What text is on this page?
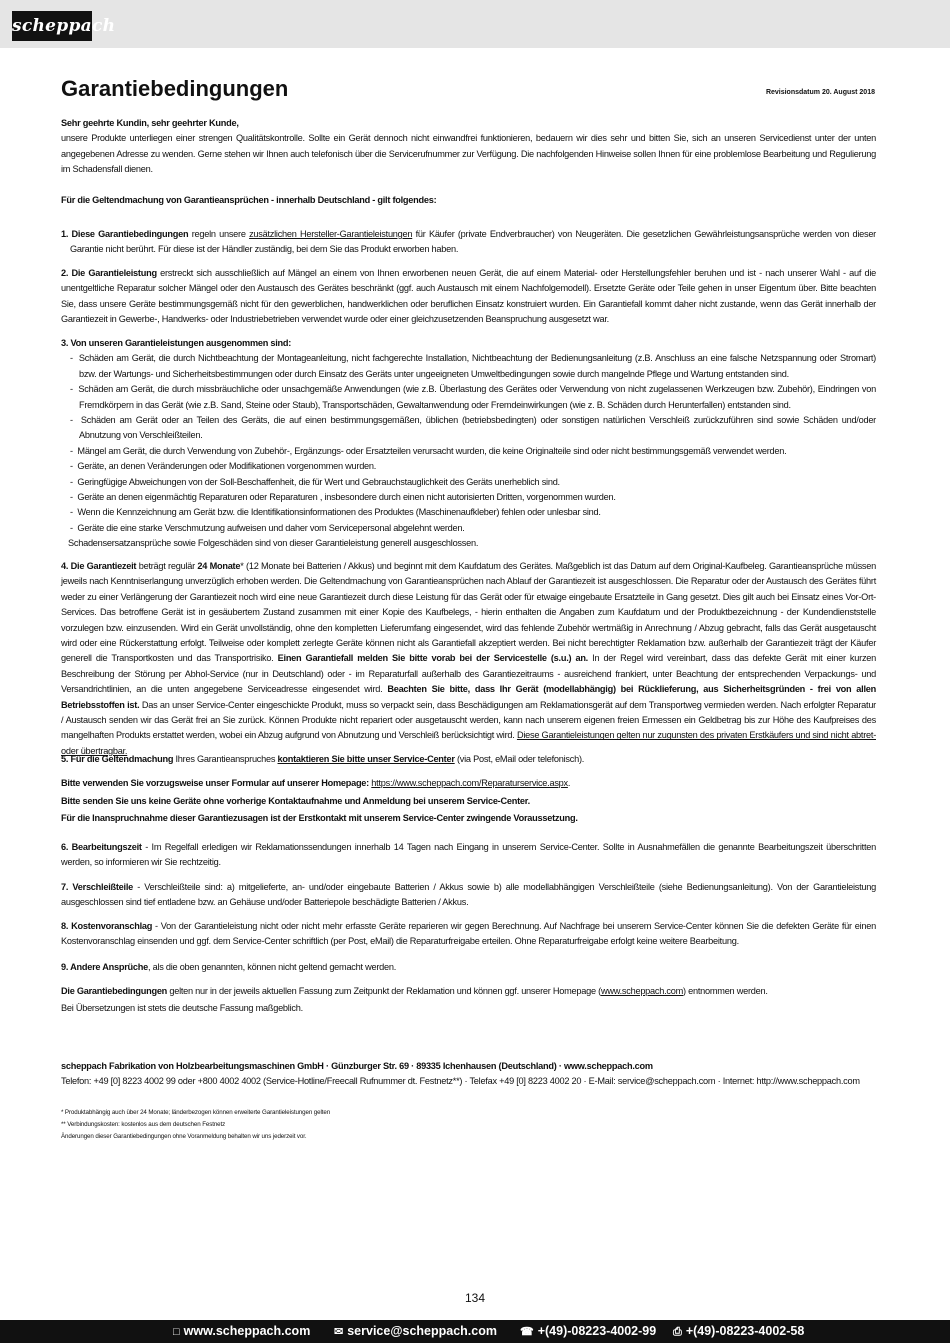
scheppach
Garantiebedingungen	Revisionsdatum 20. August 2018

Sehr geehrte Kundin, sehr geehrter Kunde,

unsere Produkte unterliegen einer strengen Qualitätskontrolle. Sollte ein Gerät dennoch nicht einwandfrei funktionieren, bedauern wir dies sehr und bitten Sie, sich an unseren Servicedienst unter der unten angegebenen Adresse zu wenden. Gerne stehen wir Ihnen auch telefonisch über die Servicerufnummer zur Verfügung. Die nachfolgenden Hinweise sollen Ihnen für eine problemlose Bearbeitung und Regulierung im Schadensfall dienen.

Für die Geltendmachung von Garantieansprüchen - innerhalb Deutschland - gilt folgendes:

1. Diese Garantiebedingungen regeln unsere zusätzlichen Hersteller-Garantieleistungen für Käufer (private Endverbraucher) von Neugeräten. Die gesetzlichen Gewährleistungsansprüche werden von dieser Garantie nicht berührt. Für diese ist der Händler zuständig, bei dem Sie das Produkt erworben haben.

2. Die Garantieleistung erstreckt sich ausschließlich auf Mängel an einem von Ihnen erworbenen neuen Gerät, die auf einem Material- oder Herstellungsfehler beruhen und ist - nach unserer Wahl - auf die unentgeltliche Reparatur solcher Mängel oder den Austausch des Gerätes beschränkt (ggf. auch Austausch mit einem Nachfolgemodell). Ersetzte Geräte oder Teile gehen in unser Eigentum über. Bitte beachten Sie, dass unsere Geräte bestimmungsgemäß nicht für den gewerblichen, handwerklichen oder beruflichen Einsatz konstruiert wurden. Ein Garantiefall kommt daher nicht zustande, wenn das Gerät innerhalb der Garantiezeit in Gewerbe-, Handwerks- oder Industriebetrieben verwendet wurde oder einer gleichzusetzenden Beanspruchung ausgesetzt war.

3. Von unseren Garantieleistungen ausgenommen sind:

-  Schäden am Gerät, die durch Nichtbeachtung der Montageanleitung, nicht fachgerechte Installation, Nichtbeachtung der Bedienungsanleitung (z.B. Anschluss an eine falsche Netzspannung oder Stromart) bzw. der Wartungs- und Sicherheitsbestimmungen oder durch Einsatz des Geräts unter ungeeigneten Umweltbedingungen sowie durch mangelnde Pflege und Wartung entstanden sind.

-  Schäden am Gerät, die durch missbräuchliche oder unsachgemäße Anwendungen (wie z.B. Überlastung des Gerätes oder Verwendung von nicht zugelassenen Werkzeugen bzw. Zubehör), Eindringen von Fremdkörpern in das Gerät (wie z.B. Sand, Steine oder Staub), Transportschäden, Gewaltanwendung oder Fremdeinwirkungen (wie z. B. Schäden durch Herunterfallen) entstanden sind.

-  Schäden am Gerät oder an Teilen des Geräts, die auf einen bestimmungsgemäßen, üblichen (betriebsbedingten) oder sonstigen natürlichen Verschleiß zurückzuführen sind sowie Schäden und/oder Abnutzung von Verschleißteilen.

-  Mängel am Gerät, die durch Verwendung von Zubehör-, Ergänzungs- oder Ersatzteilen verursacht wurden, die keine Originalteile sind oder nicht bestimmungsgemäß verwendet werden.

-  Geräte, an denen Veränderungen oder Modifikationen vorgenommen wurden.

-  Geringfügige Abweichungen von der Soll-Beschaffenheit, die für Wert und Gebrauchstauglichkeit des Geräts unerheblich sind.

-  Geräte an denen eigenmächtig Reparaturen oder Reparaturen , insbesondere durch einen nicht autorisierten Dritten, vorgenommen wurden.

-  Wenn die Kennzeichnung am Gerät bzw. die Identifikationsinformationen des Produktes (Maschinenaufkleber) fehlen oder unlesbar sind.

-  Geräte die eine starke Verschmutzung aufweisen und daher vom Servicepersonal abgelehnt werden.

Schadensersatzansprüche sowie Folgeschäden sind von dieser Garantieleistung generell ausgeschlossen.

4. Die Garantiezeit beträgt regulär 24 Monate* (12 Monate bei Batterien / Akkus) und beginnt mit dem Kaufdatum des Gerätes. Maßgeblich ist das Datum auf dem Original-Kaufbeleg. Garantieansprüche müssen jeweils nach Kenntniserlangung unverzüglich erhoben werden. Die Geltendmachung von Garantieansprüchen nach Ablauf der Garantiezeit ist ausgeschlossen. Die Reparatur oder der Austausch des Gerätes führt weder zu einer Verlängerung der Garantiezeit noch wird eine neue Garantiezeit durch diese Leistung für das Gerät oder für etwaige eingebaute Ersatzteile in Gang gesetzt. Dies gilt auch bei Einsatz eines Vor-Ort-Services. Das betroffene Gerät ist in gesäubertem Zustand zusammen mit einer Kopie des Kaufbelegs, - hierin enthalten die Angaben zum Kaufdatum und der Produktbezeichnung - der Kundendienststelle vorzulegen bzw. einzusenden. Wird ein Gerät unvollständig, ohne den kompletten Lieferumfang eingesendet, wird das fehlende Zubehör wertmäßig in Anrechnung / Abzug gebracht, falls das Gerät ausgetauscht wird oder eine Rückerstattung erfolgt. Teilweise oder komplett zerlegte Geräte können nicht als Garantiefall akzeptiert werden. Bei nicht berechtigter Reklamation bzw. außerhalb der Garantiezeit trägt der Käufer generell die Transportkosten und das Transportrisiko. Einen Garantiefall melden Sie bitte vorab bei der Servicestelle (s.u.) an. In der Regel wird vereinbart, dass das defekte Gerät mit einer kurzen Beschreibung der Störung per Abhol-Service (nur in Deutschland) oder - im Reparaturfall außerhalb des Garantiezeitraums - ausreichend frankiert, unter Beachtung der entsprechenden Verpackungs- und Versandrichtlinien, an die unten angegebene Serviceadresse eingesendet wird. Beachten Sie bitte, dass Ihr Gerät (modellabhängig) bei Rücklieferung, aus Sicherheitsgründen - frei von allen Betriebsstoffen ist. Das an unser Service-Center eingeschickte Produkt, muss so verpackt sein, dass Beschädigungen am Reklamationsgerät auf dem Transportweg vermieden werden. Nach erfolgter Reparatur / Austausch senden wir das Gerät frei an Sie zurück. Können Produkte nicht repariert oder ausgetauscht werden, kann nach unserem eigenen freien Ermessen ein Geldbetrag bis zur Höhe des Kaufpreises des mangelhaften Produkts erstattet werden, wobei ein Abzug aufgrund von Abnutzung und Verschleiß berücksichtigt wird. Diese Garantieleistungen gelten nur zugunsten des privaten Erstkäufers und sind nicht abtret- oder übertragbar.

5. Für die Geltendmachung Ihres Garantieanspruches kontaktieren Sie bitte unser Service-Center (via Post, eMail oder telefonisch).

Bitte verwenden Sie vorzugsweise unser Formular auf unserer Homepage: https://www.scheppach.com/Reparaturservice.aspx.

Bitte senden Sie uns keine Geräte ohne vorherige Kontaktaufnahme und Anmeldung bei unserem Service-Center.

Für die Inanspruchnahme dieser Garantiezusagen ist der Erstkontakt mit unserem Service-Center zwingende Voraussetzung.

6. Bearbeitungszeit - Im Regelfall erledigen wir Reklamationssendungen innerhalb 14 Tagen nach Eingang in unserem Service-Center. Sollte in Ausnahmefällen die genannte Bearbeitungszeit überschritten werden, so informieren wir Sie rechtzeitig.

7. Verschleißteile - Verschleißteile sind: a) mitgelieferte, an- und/oder eingebaute Batterien / Akkus sowie b) alle modellabhängigen Verschleißteile (siehe Bedienungsanleitung). Von der Garantieleistung ausgeschlossen sind tief entladene bzw. an Gehäuse und/oder Batteriepole beschädigte Batterien / Akkus.

8. Kostenvoranschlag - Von der Garantieleistung nicht oder nicht mehr erfasste Geräte reparieren wir gegen Berechnung. Auf Nachfrage bei unserem Service-Center können Sie die defekten Geräte für einen Kostenvoranschlag einsenden und ggf. dem Service-Center schriftlich (per Post, eMail) die Reparaturfreigabe erteilen. Ohne Reparaturfreigabe erfolgt keine weitere Bearbeitung.

9. Andere Ansprüche, als die oben genannten, können nicht geltend gemacht werden.

Die Garantiebedingungen gelten nur in der jeweils aktuellen Fassung zum Zeitpunkt der Reklamation und können ggf. unserer Homepage (www.scheppach.com) entnommen werden.

Bei Übersetzungen ist stets die deutsche Fassung maßgeblich.

scheppach Fabrikation von Holzbearbeitungsmaschinen GmbH · Günzburger Str. 69 · 89335 Ichenhausen (Deutschland) · www.scheppach.com

Telefon: +49 [0] 8223 4002 99 oder +800 4002 4002 (Service-Hotline/Freecall Rufnummer dt. Festnetz**) · Telefax +49 [0] 8223 4002 20 · E-Mail: service@scheppach.com · Internet: http://www.scheppach.com

* Produktabhängig auch über 24 Monate; länderbezogen können erweiterte Garantieleistungen gelten
** Verbindungskosten: kostenlos aus dem deutschen Festnetz
Änderungen dieser Garantiebedingungen ohne Voranmeldung behalten wir uns jederzeit vor.
134
□ www.scheppach.com ✉ service@scheppach.com ☎ +(49)-08223-4002-99 ⎙ +(49)-08223-4002-58
